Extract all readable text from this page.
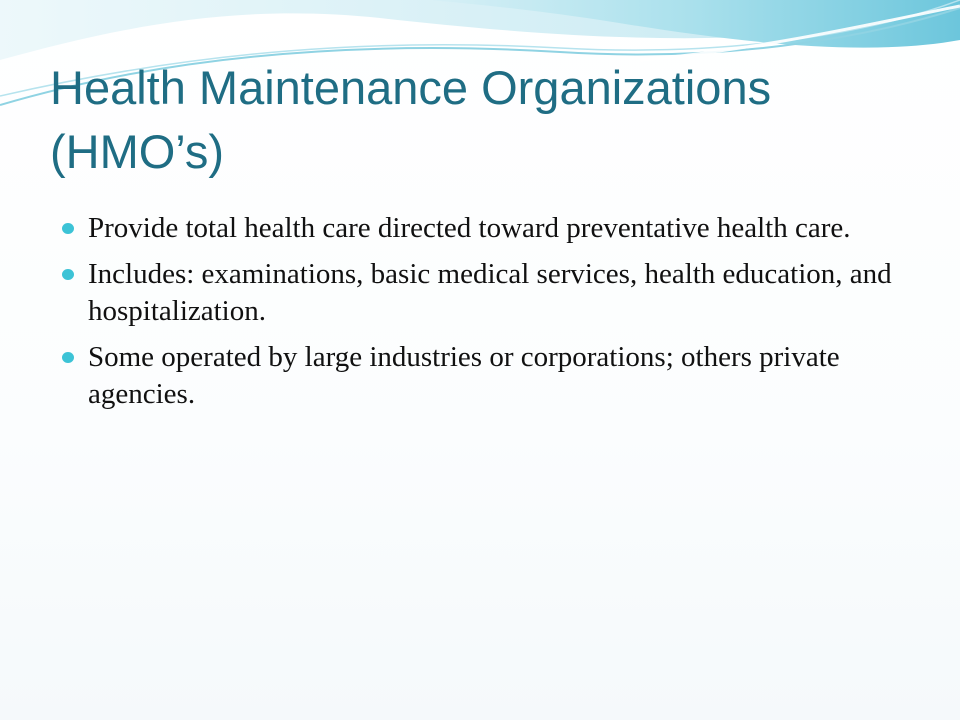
Health Maintenance Organizations (HMO’s)
Provide total health care directed toward preventative health care.
Includes: examinations, basic medical services, health education, and hospitalization.
Some operated by large industries or corporations; others private agencies.
